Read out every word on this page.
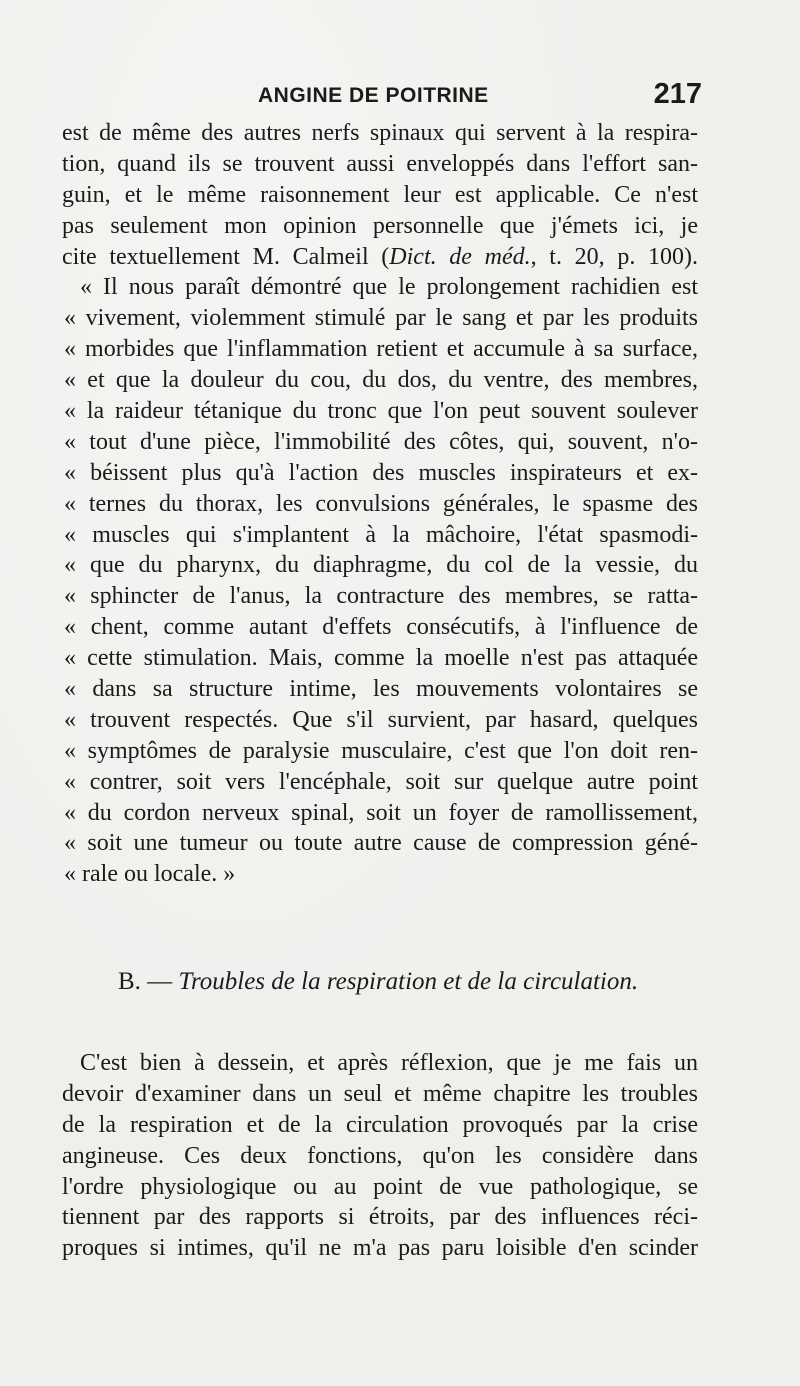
ANGINE DE POITRINE	217
est de même des autres nerfs spinaux qui servent à la respira-
tion, quand ils se trouvent aussi enveloppés dans l'effort san-
guin, et le même raisonnement leur est applicable. Ce n'est
pas seulement mon opinion personnelle que j'émets ici, je
cite textuellement M. Calmeil (Dict. de méd., t. 20, p. 100).
« Il nous paraît démontré que le prolongement rachidien est
« vivement, violemment stimulé par le sang et par les produits
« morbides que l'inflammation retient et accumule à sa surface,
« et que la douleur du cou, du dos, du ventre, des membres,
« la raideur tétanique du tronc que l'on peut souvent soulever
« tout d'une pièce, l'immobilité des côtes, qui, souvent, n'o-
« béissent plus qu'à l'action des muscles inspirateurs et ex-
« ternes du thorax, les convulsions générales, le spasme des
« muscles qui s'implantent à la mâchoire, l'état spasmodi-
« que du pharynx, du diaphragme, du col de la vessie, du
« sphincter de l'anus, la contracture des membres, se ratta-
« chent, comme autant d'effets consécutifs, à l'influence de
« cette stimulation. Mais, comme la moelle n'est pas attaquée
« dans sa structure intime, les mouvements volontaires se
« trouvent respectés. Que s'il survient, par hasard, quelques
« symptômes de paralysie musculaire, c'est que l'on doit ren-
« contrer, soit vers l'encéphale, soit sur quelque autre point
« du cordon nerveux spinal, soit un foyer de ramollissement,
« soit une tumeur ou toute autre cause de compression géné-
« rale ou locale. »
B. — Troubles de la respiration et de la circulation.
C'est bien à dessein, et après réflexion, que je me fais un
devoir d'examiner dans un seul et même chapitre les troubles
de la respiration et de la circulation provoqués par la crise
angineuse. Ces deux fonctions, qu'on les considère dans
l'ordre physiologique ou au point de vue pathologique, se
tiennent par des rapports si étroits, par des influences réci-
proques si intimes, qu'il ne m'a pas paru loisible d'en scinder
